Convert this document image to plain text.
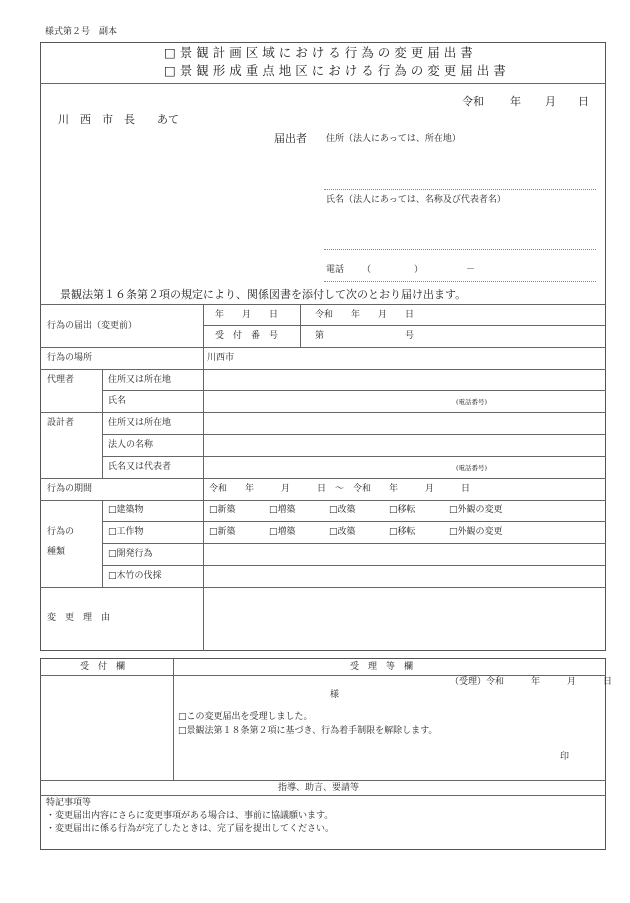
様式第２号　副本
□景観計画区域における行為の変更届出書
□景観形成重点地区における行為の変更届出書
令和 年 月 日
川　西　市　長　　あて
届出者 住所（法人にあっては、所在地）
氏名（法人にあっては、名称及び代表者名）
電話 （	）	－
景観法第１６条第２項の規定により、関係図書を添付して次のとおり届け出ます。
行為の届出（変更前）
年　　月　　日	令和　　年　　月　　日
受　付　番　号	第　　　　　　　　　号
行為の場所	川西市
代理者	住所又は所在地
氏名	(電話番号)
設計者	住所又は所在地
法人の名称
氏名又は代表者	(電話番号)
行為の期間	令和　　年　　　月　　　日　～　令和　　年　　　月　　　日
行為の
種類
□建築物	□新築	□増築	□改築	□移転	□外観の変更
□工作物	□新築	□増築	□改築	□移転	□外観の変更
□開発行為
□木竹の伐採
変　更　理　由
受　付　欄	受　理　等　欄
（受理）令和　　　年　　　月　　　日
様
□この変更届出を受理しました。
□景観法第１８条第２項に基づき、行為着手制限を解除します。
印
指導、助言、要請等
特記事項等
・変更届出内容にさらに変更事項がある場合は、事前に協議願います。
・変更届出に係る行為が完了したときは、完了届を提出してください。
